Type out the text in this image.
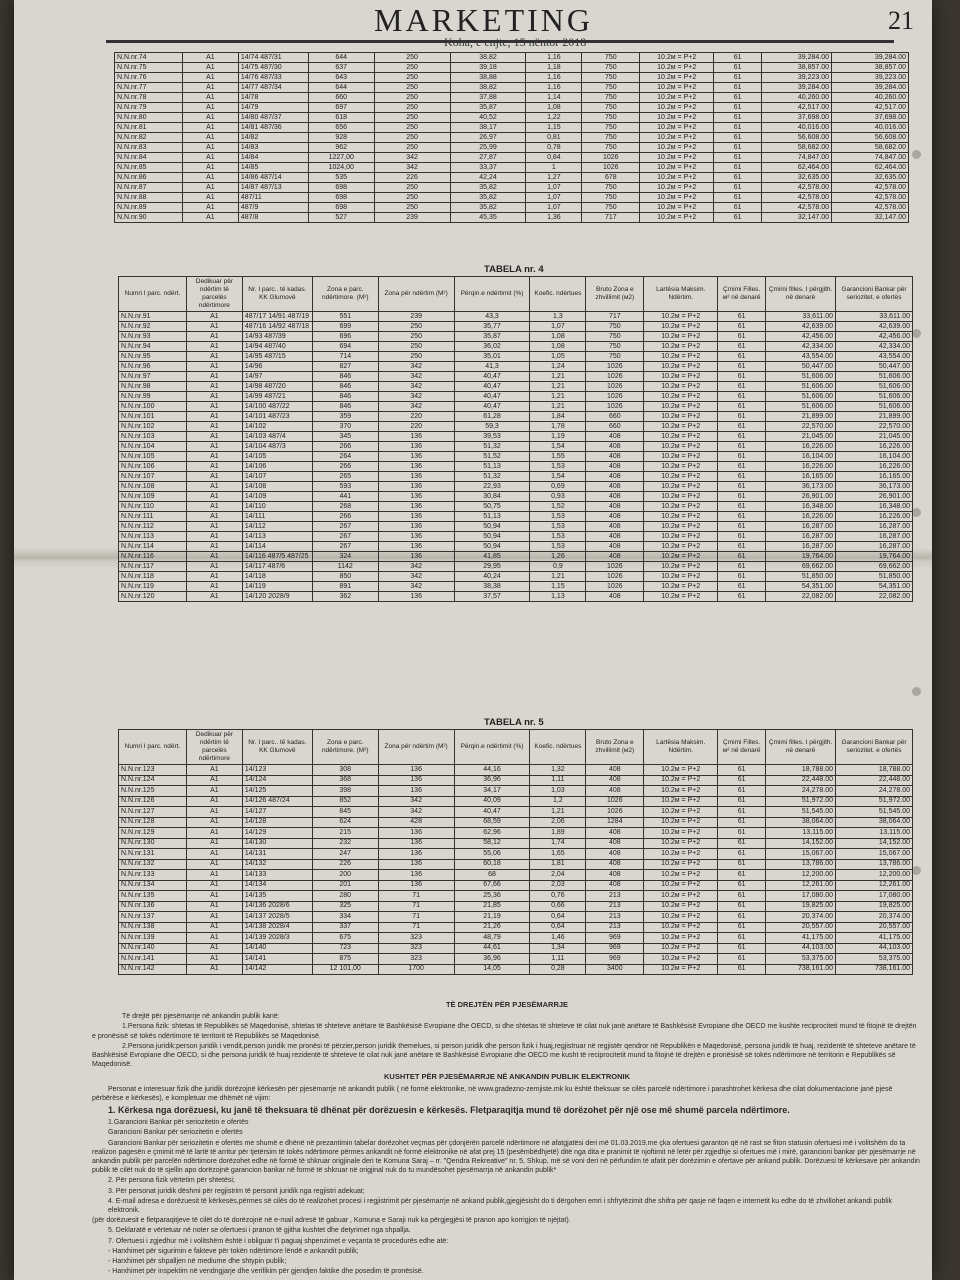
MARKETING
Koha, e enjte, 15 nëntor 2018
21
N.N.nr.74	A1	14/74 487/31	644	250	38,82	1,16	750	10.2м = P+2	61	39,284.00	39,284.00
N.N.nr.75	A1	14/75 487/30	637	250	39,18	1,18	750	10.2м = P+2	61	38,857.00	38,857.00
N.N.nr.76	A1	14/76 487/33	643	250	38,88	1,16	750	10.2м = P+2	61	39,223.00	39,223.00
N.N.nr.77	A1	14/77 487/34	644	250	38,82	1,16	750	10.2м = P+2	61	39,284.00	39,284.00
N.N.nr.78	A1	14/78	660	250	37,88	1,14	750	10.2м = P+2	61	40,260.00	40,260.00
N.N.nr.79	A1	14/79	697	250	35,87	1,08	750	10.2м = P+2	61	42,517.00	42,517.00
N.N.nr.80	A1	14/80 487/37	618	250	40,52	1,22	750	10.2м = P+2	61	37,698.00	37,698.00
N.N.nr.81	A1	14/81 487/36	656	250	38,17	1,15	750	10.2м = P+2	61	40,016.00	40,016.00
N.N.nr.82	A1	14/82	928	250	26,97	0,81	750	10.2м = P+2	61	56,608.00	56,608.00
N.N.nr.83	A1	14/83	962	250	25,99	0,78	750	10.2м = P+2	61	58,682.00	58,682.00
N.N.nr.84	A1	14/84	1227,00	342	27,87	0,84	1026	10.2м = P+2	61	74,847.00	74,847.00
N.N.nr.85	A1	14/85	1024,00	342	33,37	1	1026	10.2м = P+2	61	62,464.00	62,464.00
N.N.nr.86	A1	14/86 487/14	535	226	42,24	1,27	678	10.2м = P+2	61	32,635.00	32,635.00
N.N.nr.87	A1	14/87 487/13	698	250	35,82	1,07	750	10.2м = P+2	61	42,578.00	42,578.00
N.N.nr.88	A1	487/11	698	250	35,82	1,07	750	10.2м = P+2	61	42,578.00	42,578.00
N.N.nr.89	A1	487/9	698	250	35,82	1,07	750	10.2м = P+2	61	42,578.00	42,578.00
N.N.nr.90	A1	487/8	527	239	45,35	1,36	717	10.2м = P+2	61	32,147.00	32,147.00
TABELA nr. 4
Numri I parc. ndërt.	Dedikuar për ndërtim të parcelës ndërtimore	Nr. I parc.. të kadas. KK Glumovë	Zona e parc. ndërtimore. (M²)	Zona për ndërtim (M²)	Përqin.e ndërtimit (%)	Koefic. ndërtues	Bruto Zona e zhvillimit (м2)	Lartësia Maksim. Ndërtim.	Çmimi Filles. м² në denarë	Çmimi filles. I përgjith. në denarë	Garancioni Bankar për seriozitet. e ofertës
N.N.nr.91	A1	487/17 14/91 487/19	551	239	43,3	1,3	717	10.2м = P+2	61	33,611.00	33,611.00
N.N.nr.92	A1	487/16 14/92 487/18	699	250	35,77	1,07	750	10.2м = P+2	61	42,639.00	42,639.00
N.N.nr.93	A1	14/93 487/39	696	250	35,87	1,08	750	10.2м = P+2	61	42,456.00	42,456.00
N.N.nr.94	A1	14/94 487/40	694	250	36,02	1,08	750	10.2м = P+2	61	42,334.00	42,334.00
N.N.nr.95	A1	14/95 487/15	714	250	35,01	1,05	750	10.2м = P+2	61	43,554.00	43,554.00
N.N.nr.96	A1	14/96	827	342	41,3	1,24	1026	10.2м = P+2	61	50,447.00	50,447.00
N.N.nr.97	A1	14/97	846	342	40,47	1,21	1026	10.2м = P+2	61	51,606.00	51,606.00
N.N.nr.98	A1	14/98 487/20	846	342	40,47	1,21	1026	10.2м = P+2	61	51,606.00	51,606.00
N.N.nr.99	A1	14/99 487/21	846	342	40,47	1,21	1026	10.2м = P+2	61	51,606.00	51,606.00
N.N.nr.100	A1	14/100 487/22	846	342	40,47	1,21	1026	10.2м = P+2	61	51,606.00	51,606.00
N.N.nr.101	A1	14/101 487/23	359	220	61,28	1,84	660	10.2м = P+2	61	21,899.00	21,899.00
N.N.nr.102	A1	14/102	370	220	59,3	1,78	660	10.2м = P+2	61	22,570.00	22,570.00
N.N.nr.103	A1	14/103 487/4	345	136	39,53	1,19	408	10.2м = P+2	61	21,045.00	21,045.00
N.N.nr.104	A1	14/104 487/3	266	136	51,32	1,54	408	10.2м = P+2	61	16,226.00	16,226.00
N.N.nr.105	A1	14/105	264	136	51,52	1,55	408	10.2м = P+2	61	16,104.00	16,104.00
N.N.nr.106	A1	14/106	266	136	51,13	1,53	408	10.2м = P+2	61	16,226.00	16,226.00
N.N.nr.107	A1	14/107	265	136	51,32	1,54	408	10.2м = P+2	61	16,165.00	16,165.00
N.N.nr.108	A1	14/108	593	136	22,93	0,69	408	10.2м = P+2	61	36,173.00	36,173.00
N.N.nr.109	A1	14/109	441	136	30,84	0,93	408	10.2м = P+2	61	26,901.00	26,901.00
N.N.nr.110	A1	14/110	268	136	50,75	1,52	408	10.2м = P+2	61	16,348.00	16,348.00
N.N.nr.111	A1	14/111	266	136	51,13	1,53	408	10.2м = P+2	61	16,226.00	16,226.00
N.N.nr.112	A1	14/112	267	136	50,94	1,53	408	10.2м = P+2	61	16,287.00	16,287.00
N.N.nr.113	A1	14/113	267	136	50,94	1,53	408	10.2м = P+2	61	16,287.00	16,287.00
N.N.nr.114	A1	14/114	267	136	50,94	1,53	408	10.2м = P+2	61	16,287.00	16,287.00
N.N.nr.116	A1	14/116 487/5 487/25	324	136	41,85	1,26	408	10.2м = P+2	61	19,764.00	19,764.00
N.N.nr.117	A1	14/117 487/6	1142	342	29,95	0,9	1026	10.2м = P+2	61	69,662.00	69,662.00
N.N.nr.118	A1	14/118	850	342	40,24	1,21	1026	10.2м = P+2	61	51,850.00	51,850.00
N.N.nr.119	A1	14/119	891	342	38,38	1,15	1026	10.2м = P+2	61	54,351.00	54,351.00
N.N.nr.120	A1	14/120 2028/9	362	136	37,57	1,13	408	10.2м = P+2	61	22,082.00	22,082.00
TABELA nr. 5
Numri I parc. ndërt.	Dedikuar për ndërtim të parcelës ndërtimore	Nr. I parc.. të kadas. KK Glumovë	Zona e parc. ndërtimore. (M²)	Zona për ndërtim (M²)	Përqin.e ndërtimit (%)	Koefic. ndërtues	Bruto Zona e zhvillimit (м2)	Lartësia Maksim. Ndërtim.	Çmimi Filles. м² në denarë	Çmimi filles. I përgjith. në denarë	Garancioni Bankar për seriozitet. e ofertës
N.N.nr.123	A1	14/123	308	136	44,16	1,32	408	10.2м = P+2	61	18,788.00	18,788.00
N.N.nr.124	A1	14/124	368	136	36,96	1,11	408	10.2м = P+2	61	22,448.00	22,448.00
N.N.nr.125	A1	14/125	398	136	34,17	1,03	408	10.2м = P+2	61	24,278.00	24,278.00
N.N.nr.126	A1	14/126 487/24	852	342	40,09	1,2	1026	10.2м = P+2	61	51,972.00	51,972.00
N.N.nr.127	A1	14/127	845	342	40,47	1,21	1026	10.2м = P+2	61	51,545.00	51,545.00
N.N.nr.128	A1	14/128	624	428	68,59	2,06	1284	10.2м = P+2	61	38,064.00	38,064.00
N.N.nr.129	A1	14/129	215	136	62,96	1,89	408	10.2м = P+2	61	13,115.00	13,115.00
N.N.nr.130	A1	14/130	232	136	58,12	1,74	408	10.2м = P+2	61	14,152.00	14,152.00
N.N.nr.131	A1	14/131	247	136	55,06	1,65	408	10.2м = P+2	61	15,067.00	15,067.00
N.N.nr.132	A1	14/132	226	136	60,18	1,81	408	10.2м = P+2	61	13,786.00	13,786.00
N.N.nr.133	A1	14/133	200	136	68	2,04	408	10.2м = P+2	61	12,200.00	12,200.00
N.N.nr.134	A1	14/134	201	136	67,66	2,03	408	10.2м = P+2	61	12,261.00	12,261.00
N.N.nr.135	A1	14/135	280	71	25,36	0,76	213	10.2м = P+2	61	17,080.00	17,080.00
N.N.nr.136	A1	14/136 2028/6	325	71	21,85	0,66	213	10.2м = P+2	61	19,825.00	19,825.00
N.N.nr.137	A1	14/137 2028/5	334	71	21,19	0,64	213	10.2м = P+2	61	20,374.00	20,374.00
N.N.nr.138	A1	14/138 2028/4	337	71	21,26	0,64	213	10.2м = P+2	61	20,557.00	20,557.00
N.N.nr.139	A1	14/139 2028/3	675	323	48,79	1,46	969	10.2м = P+2	61	41,175.00	41,175.00
N.N.nr.140	A1	14/140	723	323	44,61	1,34	969	10.2м = P+2	61	44,103.00	44,103.00
N.N.nr.141	A1	14/141	875	323	36,96	1,11	969	10.2м = P+2	61	53,375.00	53,375.00
N.N.nr.142	A1	14/142	12 101,00	1700	14,05	0,28	3400	10.2м = P+2	61	738,161.00	738,161.00
TË DREJTËN PËR PJESËMARRJE

Të drejtë për pjesëmarrje në ankandin publik kanë:

1.Persona fizik: shtetas të Republikës së Maqedonisë, shtetas të shteteve anëtare të Bashkësisë Evropiane dhe OECD, si dhe shtetas të shteteve të cilat nuk janë anëtare të Bashkësisë Evropiane dhe OECD me kushte reciprociteti mund të fitojnë të drejtën e pronësisë së tokës ndërtimore të territorit të Republikës së Maqedonisë.

2.Persona juridik:person juridik i vendit,person juridik me pronësi të përzier,person juridik themelues, si person juridik dhe person fizik i huaj,regjistruar në regjistër qendror në Republikën e Maqedonisë, persona juridik të huaj, rezidentë të shteteve anëtare të Bashkësisë Evropiane dhe OECD, si dhe persona juridik të huaj rezidentë të shteteve të cilat nuk janë anëtare të Bashkësisë Evropiane dhe OECD me kusht të reciprocitetit mund ta fitojnë të drejtën e pronësisë së tokës ndërtimore në territorin e Republikës së Maqedonisë.

KUSHTET PËR PJESËMARRJE NË ANKANDIN PUBLIK ELEKTRONIK

Personat e interesuar fizik dhe juridik dorëzojnë kërkesën për pjesëmarrje në ankandit publik ( në formë elektronike, në www.gradezno-zemjiste.mk ku është theksuar se cilës parcelë ndërtimore i parashtrohet kërkesa dhe cilat dokumentacione janë pjesë përbërëse e kërkesës), e kompletuar me dhëmët në vijim:

1. Kërkesa nga dorëzuesi, ku janë të theksuara të dhënat për dorëzuesin e kërkesës. Fletparaqitja mund të dorëzohet për një ose më shumë parcela ndërtimore.

1.Garancioni Bankar për seriozitetin e ofertës

Garancioni Bankar për seriozitetin e ofertës

Garancioni Bankar për seriozitetin e ofertës me shumë e dhënë në prezantimin tabelar dorëzohet veçmas për çdonjërën parcelë ndërtimore në afatgjatësi deri më 01.03.2019,me çka ofertuesi garanton që në rast se fiton statusin ofertuesi më i volitshëm do ta realizon pagesën e çmimit më të lartë të arritur për tjetërsim të tokës ndërtimore përmes ankandit në formë elektronike në afat prej 15 (pesëmbëdhjetë) ditë nga dita e pranimit të njoftimit në letër për zgjedhje si ofertues më i mirë, garancioni bankar për pjesëmarrje në ankandin publik për parcelën ndërtimore dorëzohet edhe në formë të shkruar origjinale deri te Komuna Saraj – rr. "Qendra Rekreative" nr. 5, Shkup, më së voni deri në përfundim të afatit për dorëzimin e ofertave për ankand publik. Dorëzuesi të kërkesave për ankandin publik të cilët nuk do të sjellin apo dorëzojnë garancion bankar në formë të shkruar në origjinal nuk do tu mundësohet pjesëmarrja në ankandin publik*

2. Për persona fizik vërtetim për shtetësi;

3. Për personat juridik dëshmi për regjistrim të personit juridik nga regjistri adekuat;

4. E-mail adresa e dorëzuesit të kërkesës,përmes së cilës do të realizohet procesi i regjistrimit për pjesëmarrje në ankand publik,gjegjësisht do ti dërgohen emri i shfrytëzimit dhe shifra për qasje në faqen e internetit ku edhe do të zhvillohet ankandi publik elektronik.

(për dorëzuesit e fletparaqitjeve të cilët do të dorëzojnë në e-mail adresë të gabuar , Komuna e Saraji nuk ka përgjegjësi të pranon apo korrigjon të njëjtat).

5. Deklaratë e vërtetuar në noter se ofertuesi i pranon të gjitha kushtet dhe detyrimet nga shpallja.

7. Ofertuesi i zgjedhur më i volitshëm është i obliguar t'i paguaj shpenzimet e veçanta të procedurës edhe atë:

- Harxhimet për sigurimin e fakteve për tokën ndërtimore lëndë e ankandit publik;

- Harxhimet për shpalljen në mediume dhe shtypin publik;

- Harxhimet për inspektim në vendngjarje dhe verifikim për gjendjen faktike dhe posedim të pronësisë.
